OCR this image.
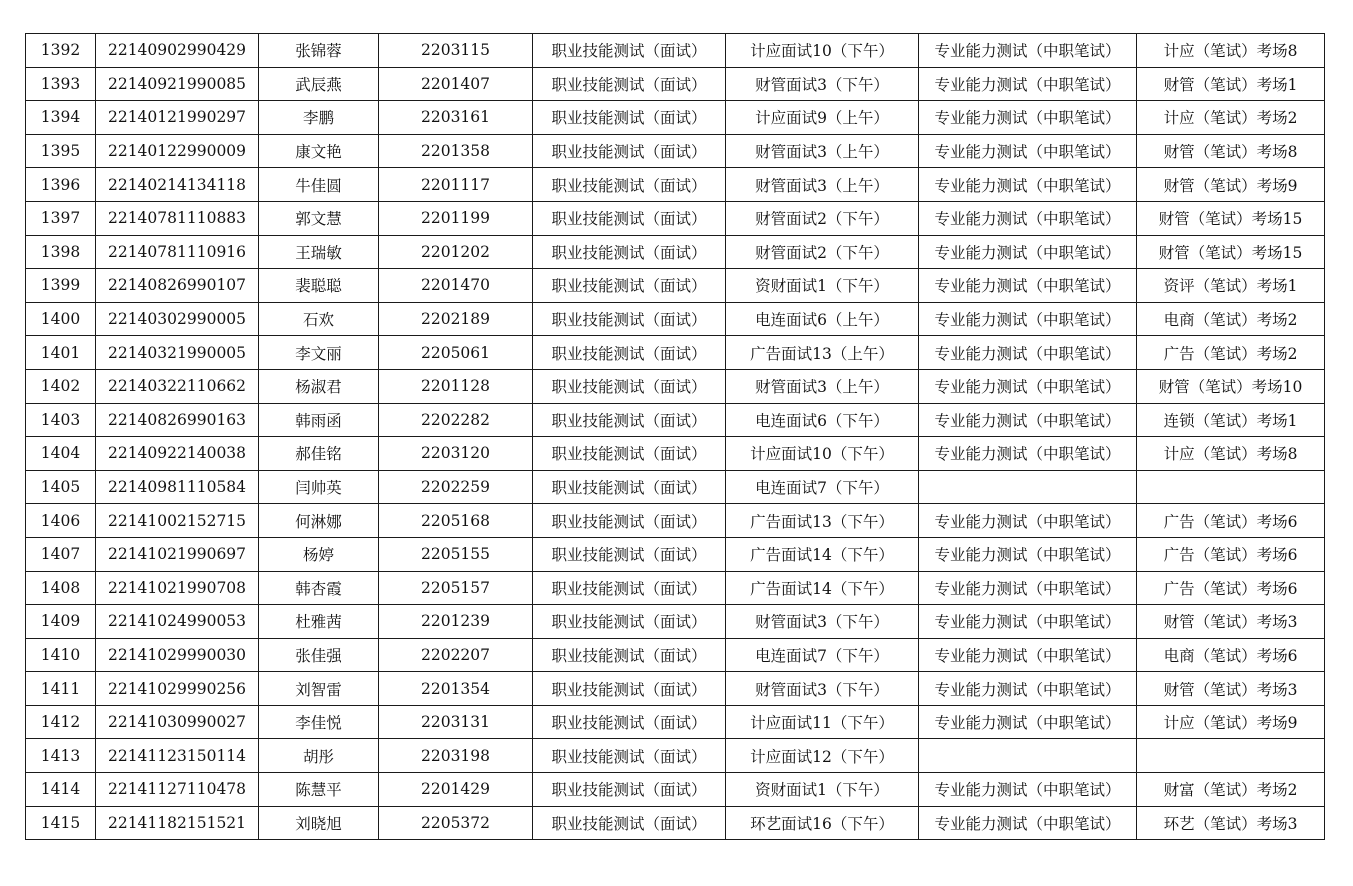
1392	22140902990429	张锦蓉	2203115	职业技能测试（面试）	计应面试10（下午）	专业能力测试（中职笔试）	计应（笔试）考场8
1393	22140921990085	武辰燕	2201407	职业技能测试（面试）	财管面试3（下午）	专业能力测试（中职笔试）	财管（笔试）考场1
1394	22140121990297	李鹏	2203161	职业技能测试（面试）	计应面试9（上午）	专业能力测试（中职笔试）	计应（笔试）考场2
1395	22140122990009	康文艳	2201358	职业技能测试（面试）	财管面试3（上午）	专业能力测试（中职笔试）	财管（笔试）考场8
1396	22140214134118	牛佳圆	2201117	职业技能测试（面试）	财管面试3（上午）	专业能力测试（中职笔试）	财管（笔试）考场9
1397	22140781110883	郭文慧	2201199	职业技能测试（面试）	财管面试2（下午）	专业能力测试（中职笔试）	财管（笔试）考场15
1398	22140781110916	王瑞敏	2201202	职业技能测试（面试）	财管面试2（下午）	专业能力测试（中职笔试）	财管（笔试）考场15
1399	22140826990107	裴聪聪	2201470	职业技能测试（面试）	资财面试1（下午）	专业能力测试（中职笔试）	资评（笔试）考场1
1400	22140302990005	石欢	2202189	职业技能测试（面试）	电连面试6（上午）	专业能力测试（中职笔试）	电商（笔试）考场2
1401	22140321990005	李文丽	2205061	职业技能测试（面试）	广告面试13（上午）	专业能力测试（中职笔试）	广告（笔试）考场2
1402	22140322110662	杨淑君	2201128	职业技能测试（面试）	财管面试3（上午）	专业能力测试（中职笔试）	财管（笔试）考场10
1403	22140826990163	韩雨函	2202282	职业技能测试（面试）	电连面试6（下午）	专业能力测试（中职笔试）	连锁（笔试）考场1
1404	22140922140038	郝佳铭	2203120	职业技能测试（面试）	计应面试10（下午）	专业能力测试（中职笔试）	计应（笔试）考场8
1405	22140981110584	闫帅英	2202259	职业技能测试（面试）	电连面试7（下午）		
1406	22141002152715	何淋娜	2205168	职业技能测试（面试）	广告面试13（下午）	专业能力测试（中职笔试）	广告（笔试）考场6
1407	22141021990697	杨婷	2205155	职业技能测试（面试）	广告面试14（下午）	专业能力测试（中职笔试）	广告（笔试）考场6
1408	22141021990708	韩杏霞	2205157	职业技能测试（面试）	广告面试14（下午）	专业能力测试（中职笔试）	广告（笔试）考场6
1409	22141024990053	杜雅茜	2201239	职业技能测试（面试）	财管面试3（下午）	专业能力测试（中职笔试）	财管（笔试）考场3
1410	22141029990030	张佳强	2202207	职业技能测试（面试）	电连面试7（下午）	专业能力测试（中职笔试）	电商（笔试）考场6
1411	22141029990256	刘智雷	2201354	职业技能测试（面试）	财管面试3（下午）	专业能力测试（中职笔试）	财管（笔试）考场3
1412	22141030990027	李佳悦	2203131	职业技能测试（面试）	计应面试11（下午）	专业能力测试（中职笔试）	计应（笔试）考场9
1413	22141123150114	胡彤	2203198	职业技能测试（面试）	计应面试12（下午）		
1414	22141127110478	陈慧平	2201429	职业技能测试（面试）	资财面试1（下午）	专业能力测试（中职笔试）	财富（笔试）考场2
1415	22141182151521	刘晓旭	2205372	职业技能测试（面试）	环艺面试16（下午）	专业能力测试（中职笔试）	环艺（笔试）考场3
